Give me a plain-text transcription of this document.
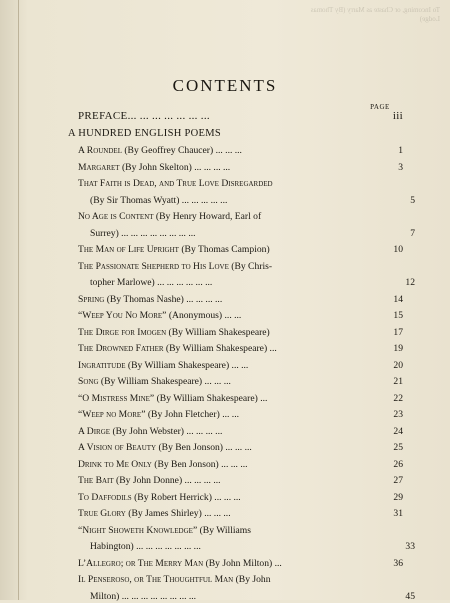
To Incoming, or Chaste as Marry (By Thomas Lodge)
CONTENTS
PAGE
PREFACE... ... ... ... ... ... ...	iii
A HUNDRED ENGLISH POEMS
A Roundel (By Geoffrey Chaucer) ... ... ...	1
Margaret (By John Skelton) ... ... ... ...	3
That Faith is Dead, and True Love Disregarded
(By Sir Thomas Wyatt) ... ... ... ... ...	5
No Age is Content (By Henry Howard, Earl of
Surrey) ... ... ... ... ... ... ... ...	7
The Man of Life Upright (By Thomas Campion)	10
The Passionate Shepherd to His Love (By Chris-
topher Marlowe) ... ... ... ... ... ...	12
Spring (By Thomas Nashe) ... ... ... ...	14
“Weep You No More” (Anonymous) ... ...	15
The Dirge for Imogen (By William Shakespeare)	17
The Drowned Father (By William Shakespeare) ...	19
Ingratitude (By William Shakespeare) ... ...	20
Song (By William Shakespeare) ... ... ...	21
“O Mistress Mine” (By William Shakespeare) ...	22
“Weep no More” (By John Fletcher) ... ...	23
A Dirge (By John Webster) ... ... ... ...	24
A Vision of Beauty (By Ben Jonson) ... ... ...	25
Drink to Me Only (By Ben Jonson) ... ... ...	26
The Bait (By John Donne) ... ... ... ...	27
To Daffodils (By Robert Herrick) ... ... ...	29
True Glory (By James Shirley) ... ... ...	31
“Night Showeth Knowledge” (By Williams
Habington) ... ... ... ... ... ... ...	33
L’Allegro; or The Merry Man (By John Milton) ...	36
Il Penseroso, or The Thoughtful Man (By John
Milton) ... ... ... ... ... ... ... ...	45
